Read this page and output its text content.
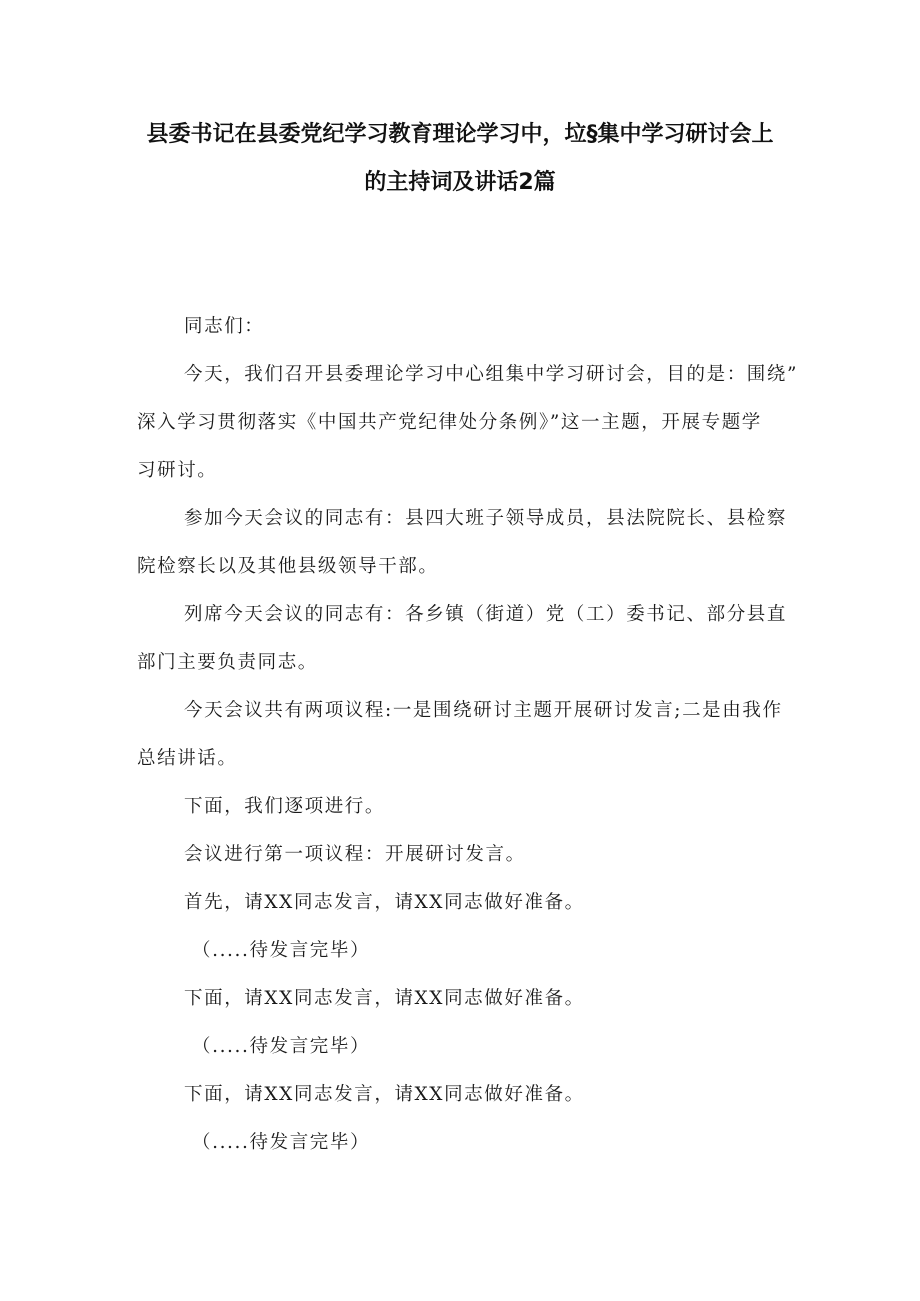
县委书记在县委党纪学习教育理论学习中，垃§集中学习研讨会上
的主持词及讲话2篇
同志们：
今天，我们召开县委理论学习中心组集中学习研讨会，目的是：围绕”
深入学习贯彻落实《中国共产党纪律处分条例》”这一主题，开展专题学
习研讨。
参加今天会议的同志有：县四大班子领导成员，县法院院长、县检察
院检察长以及其他县级领导干部。
列席今天会议的同志有：各乡镇（街道）党（工）委书记、部分县直
部门主要负责同志。
今天会议共有两项议程:一是围绕研讨主题开展研讨发言;二是由我作
总结讲话。
下面，我们逐项进行。
会议进行第一项议程：开展研讨发言。
首先，请XX同志发言，请XX同志做好准备。
（.....待发言完毕）
下面，请XX同志发言，请XX同志做好准备。
（.....待发言完毕）
下面，请XX同志发言，请XX同志做好准备。
（.....待发言完毕）
